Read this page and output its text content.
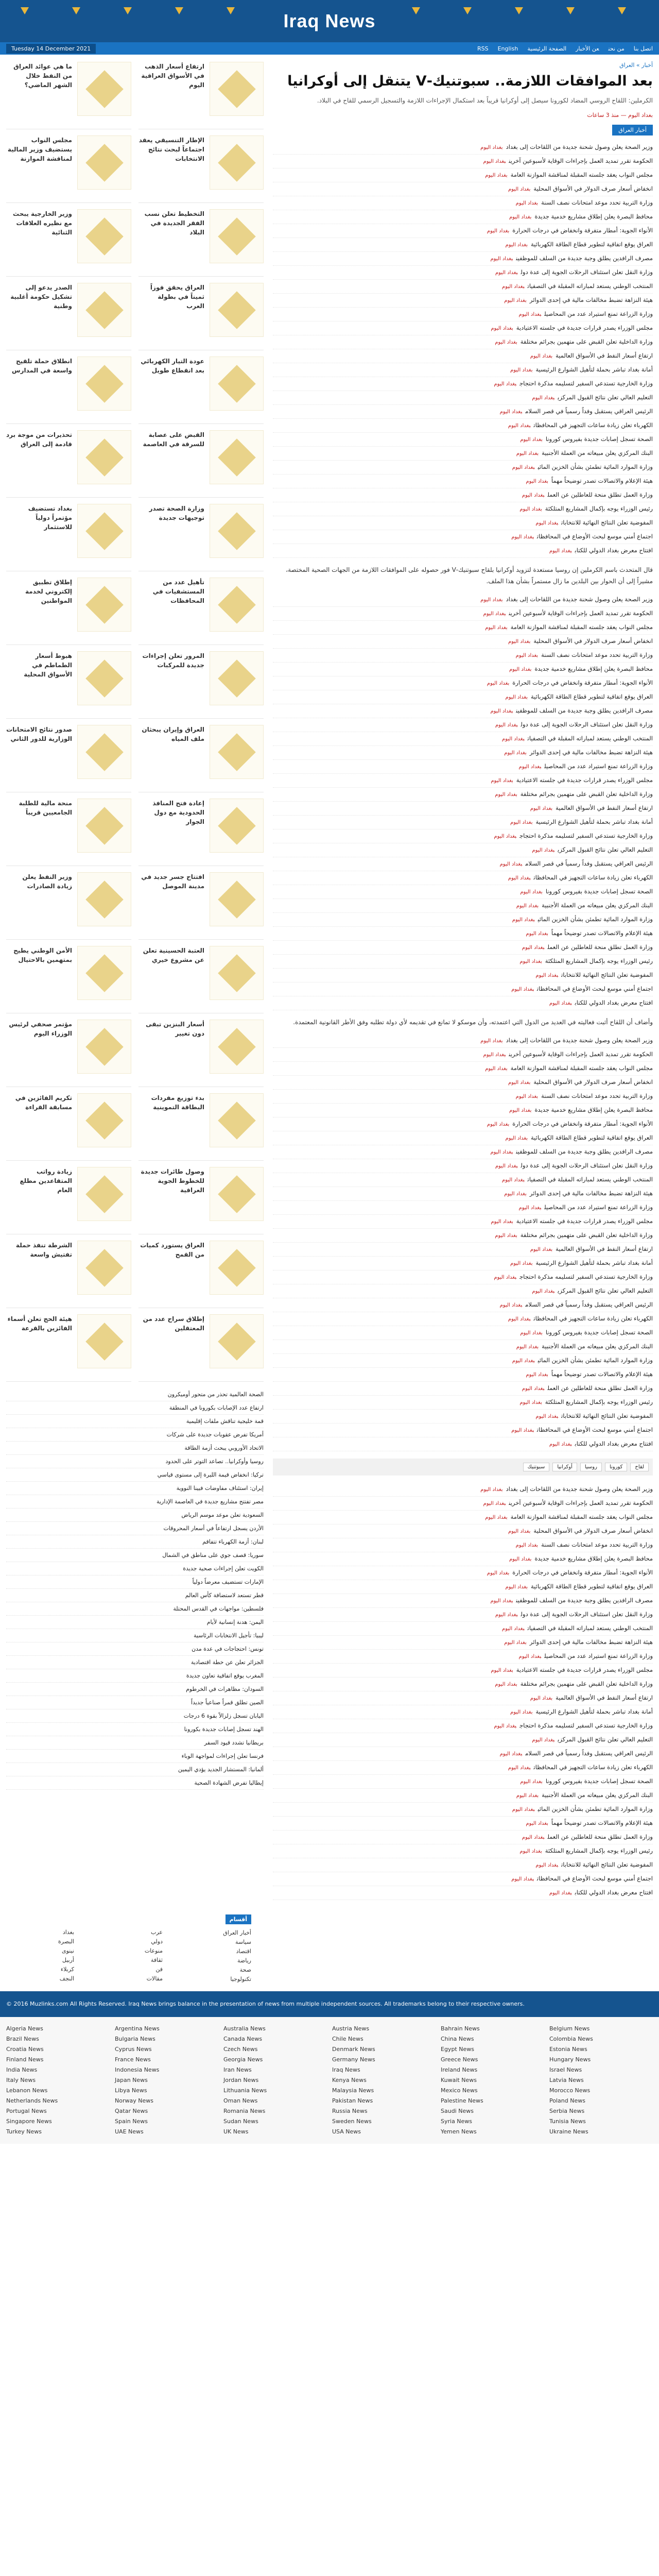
Iraq News
Tuesday 14 December 2021	RSS English	اتصل بنامن نحنعن الأخبارالصفحة الرئيسية
ما هي عوائد العراق من النفط خلال الشهر الماضي؟
ارتفاع أسعار الذهب في الأسواق العراقية اليوم
مجلس النواب يستضيف وزير المالية لمناقشة الموازنة
الإطار التنسيقي يعقد اجتماعاً لبحث نتائج الانتخابات
وزير الخارجية يبحث مع نظيره العلاقات الثنائية
التخطيط تعلن نسب الفقر الجديدة في البلاد
الصدر يدعو إلى تشكيل حكومة أغلبية وطنية
العراق يحقق فوزاً ثميناً في بطولة العرب
انطلاق حملة تلقيح واسعة في المدارس
عودة التيار الكهربائي بعد انقطاع طويل
تحذيرات من موجة برد قادمة إلى العراق
القبض على عصابة للسرقة في العاصمة
بغداد تستضيف مؤتمراً دولياً للاستثمار
وزارة الصحة تصدر توجيهات جديدة
إطلاق تطبيق إلكتروني لخدمة المواطنين
تأهيل عدد من المستشفيات في المحافظات
هبوط أسعار الطماطم في الأسواق المحلية
المرور تعلن إجراءات جديدة للمركبات
صدور نتائج الامتحانات الوزارية للدور الثاني
العراق وإيران يبحثان ملف المياه
منحة مالية للطلبة الجامعيين قريباً
إعادة فتح المنافذ الحدودية مع دول الجوار
وزير النفط يعلن زيادة الصادرات
افتتاح جسر جديد في مدينة الموصل
الأمن الوطني يطيح بمتهمين بالاحتيال
العتبة الحسينية تعلن عن مشروع خيري
مؤتمر صحفي لرئيس الوزراء اليوم
أسعار البنزين تبقى دون تغيير
تكريم الفائزين في مسابقة القراءة
بدء توزيع مفردات البطاقة التموينية
زيادة رواتب المتقاعدين مطلع العام
وصول طائرات جديدة للخطوط الجوية العراقية
الشرطة تنفذ حملة تفتيش واسعة
العراق يستورد كميات من القمح
هيئة الحج تعلن أسماء الفائزين بالقرعة
إطلاق سراح عدد من المعتقلين
الصحة العالمية تحذر من متحور أوميكرون
ارتفاع عدد الإصابات بكورونا في المنطقة
قمة خليجية تناقش ملفات إقليمية
أمريكا تفرض عقوبات جديدة على شركات
الاتحاد الأوروبي يبحث أزمة الطاقة
روسيا وأوكرانيا.. تصاعد التوتر على الحدود
تركيا: انخفاض قيمة الليرة إلى مستوى قياسي
إيران: استئناف مفاوضات فيينا النووية
مصر تفتتح مشاريع جديدة في العاصمة الإدارية
السعودية تعلن موعد موسم الرياض
الأردن يسجل ارتفاعاً في أسعار المحروقات
لبنان: أزمة الكهرباء تتفاقم
سوريا: قصف جوي على مناطق في الشمال
الكويت تعلن إجراءات صحية جديدة
الإمارات تستضيف معرضاً دولياً
قطر تستعد لاستضافة كأس العالم
فلسطين: مواجهات في القدس المحتلة
اليمن: هدنة إنسانية لأيام
ليبيا: تأجيل الانتخابات الرئاسية
تونس: احتجاجات في عدة مدن
الجزائر تعلن عن خطة اقتصادية
المغرب يوقع اتفاقية تعاون جديدة
السودان: مظاهرات في الخرطوم
الصين تطلق قمراً صناعياً جديداً
اليابان تسجل زلزالاً بقوة 6 درجات
الهند تسجل إصابات جديدة بكورونا
بريطانيا تشدد قيود السفر
فرنسا تعلن إجراءات لمواجهة الوباء
ألمانيا: المستشار الجديد يؤدي اليمين
إيطاليا تفرض الشهادة الصحية
أخبار » العراق
بعد الموافقات اللازمة.. سبوتنيك-V يتنقل إلى أوكرانيا

الكرملين: اللقاح الروسي المضاد لكورونا سيصل إلى أوكرانيا قريباً بعد استكمال الإجراءات اللازمة والتسجيل الرسمي للقاح في البلاد.

بغداد اليوم — منذ 3 ساعات
أخبار العراق
وزير الصحة يعلن وصول شحنة جديدة من اللقاحات إلى بغدادبغداد اليوم
الحكومة تقرر تمديد العمل بإجراءات الوقاية لأسبوعين آخرينبغداد اليوم
مجلس النواب يعقد جلسته المقبلة لمناقشة الموازنة العامةبغداد اليوم
انخفاض أسعار صرف الدولار في الأسواق المحليةبغداد اليوم
وزارة التربية تحدد موعد امتحانات نصف السنةبغداد اليوم
محافظ البصرة يعلن إطلاق مشاريع خدمية جديدةبغداد اليوم
الأنواء الجوية: أمطار متفرقة وانخفاض في درجات الحرارةبغداد اليوم
العراق يوقع اتفاقية لتطوير قطاع الطاقة الكهربائيةبغداد اليوم
مصرف الرافدين يطلق وجبة جديدة من السلف للموظفينبغداد اليوم
وزارة النقل تعلن استئناف الرحلات الجوية إلى عدة دولبغداد اليوم
المنتخب الوطني يستعد لمباراته المقبلة في التصفياتبغداد اليوم
هيئة النزاهة تضبط مخالفات مالية في إحدى الدوائربغداد اليوم
وزارة الزراعة تمنع استيراد عدد من المحاصيلبغداد اليوم
مجلس الوزراء يصدر قرارات جديدة في جلسته الاعتياديةبغداد اليوم
وزارة الداخلية تعلن القبض على متهمين بجرائم مختلفةبغداد اليوم
ارتفاع أسعار النفط في الأسواق العالميةبغداد اليوم
أمانة بغداد تباشر بحملة لتأهيل الشوارع الرئيسيةبغداد اليوم
وزارة الخارجية تستدعي السفير لتسليمه مذكرة احتجاجبغداد اليوم
التعليم العالي تعلن نتائج القبول المركزيبغداد اليوم
الرئيس العراقي يستقبل وفداً رسمياً في قصر السلامبغداد اليوم
الكهرباء تعلن زيادة ساعات التجهيز في المحافظاتبغداد اليوم
الصحة تسجل إصابات جديدة بفيروس كورونابغداد اليوم
البنك المركزي يعلن مبيعاته من العملة الأجنبيةبغداد اليوم
وزارة الموارد المائية تطمئن بشأن الخزين المائيبغداد اليوم
هيئة الإعلام والاتصالات تصدر توضيحاً مهماًبغداد اليوم
وزارة العمل تطلق منحة للعاطلين عن العملبغداد اليوم
رئيس الوزراء يوجه بإكمال المشاريع المتلكئةبغداد اليوم
المفوضية تعلن النتائج النهائية للانتخاباتبغداد اليوم
اجتماع أمني موسع لبحث الأوضاع في المحافظاتبغداد اليوم
افتتاح معرض بغداد الدولي للكتاببغداد اليوم

قال المتحدث باسم الكرملين إن روسيا مستعدة لتزويد أوكرانيا بلقاح سبوتنيك-V فور حصوله على الموافقات اللازمة من الجهات الصحية المختصة، مشيراً إلى أن الحوار بين البلدين ما زال مستمراً بشأن هذا الملف.

وزير الصحة يعلن وصول شحنة جديدة من اللقاحات إلى بغدادبغداد اليوم
الحكومة تقرر تمديد العمل بإجراءات الوقاية لأسبوعين آخرينبغداد اليوم
مجلس النواب يعقد جلسته المقبلة لمناقشة الموازنة العامةبغداد اليوم
انخفاض أسعار صرف الدولار في الأسواق المحليةبغداد اليوم
وزارة التربية تحدد موعد امتحانات نصف السنةبغداد اليوم
محافظ البصرة يعلن إطلاق مشاريع خدمية جديدةبغداد اليوم
الأنواء الجوية: أمطار متفرقة وانخفاض في درجات الحرارةبغداد اليوم
العراق يوقع اتفاقية لتطوير قطاع الطاقة الكهربائيةبغداد اليوم
مصرف الرافدين يطلق وجبة جديدة من السلف للموظفينبغداد اليوم
وزارة النقل تعلن استئناف الرحلات الجوية إلى عدة دولبغداد اليوم
المنتخب الوطني يستعد لمباراته المقبلة في التصفياتبغداد اليوم
هيئة النزاهة تضبط مخالفات مالية في إحدى الدوائربغداد اليوم
وزارة الزراعة تمنع استيراد عدد من المحاصيلبغداد اليوم
مجلس الوزراء يصدر قرارات جديدة في جلسته الاعتياديةبغداد اليوم
وزارة الداخلية تعلن القبض على متهمين بجرائم مختلفةبغداد اليوم
ارتفاع أسعار النفط في الأسواق العالميةبغداد اليوم
أمانة بغداد تباشر بحملة لتأهيل الشوارع الرئيسيةبغداد اليوم
وزارة الخارجية تستدعي السفير لتسليمه مذكرة احتجاجبغداد اليوم
التعليم العالي تعلن نتائج القبول المركزيبغداد اليوم
الرئيس العراقي يستقبل وفداً رسمياً في قصر السلامبغداد اليوم
الكهرباء تعلن زيادة ساعات التجهيز في المحافظاتبغداد اليوم
الصحة تسجل إصابات جديدة بفيروس كورونابغداد اليوم
البنك المركزي يعلن مبيعاته من العملة الأجنبيةبغداد اليوم
وزارة الموارد المائية تطمئن بشأن الخزين المائيبغداد اليوم
هيئة الإعلام والاتصالات تصدر توضيحاً مهماًبغداد اليوم
وزارة العمل تطلق منحة للعاطلين عن العملبغداد اليوم
رئيس الوزراء يوجه بإكمال المشاريع المتلكئةبغداد اليوم
المفوضية تعلن النتائج النهائية للانتخاباتبغداد اليوم
اجتماع أمني موسع لبحث الأوضاع في المحافظاتبغداد اليوم
افتتاح معرض بغداد الدولي للكتاببغداد اليوم

وأضاف أن اللقاح أثبت فعاليته في العديد من الدول التي اعتمدته، وأن موسكو لا تمانع في تقديمه لأي دولة تطلبه وفق الأطر القانونية المعتمدة.

وزير الصحة يعلن وصول شحنة جديدة من اللقاحات إلى بغدادبغداد اليوم
الحكومة تقرر تمديد العمل بإجراءات الوقاية لأسبوعين آخرينبغداد اليوم
مجلس النواب يعقد جلسته المقبلة لمناقشة الموازنة العامةبغداد اليوم
انخفاض أسعار صرف الدولار في الأسواق المحليةبغداد اليوم
وزارة التربية تحدد موعد امتحانات نصف السنةبغداد اليوم
محافظ البصرة يعلن إطلاق مشاريع خدمية جديدةبغداد اليوم
الأنواء الجوية: أمطار متفرقة وانخفاض في درجات الحرارةبغداد اليوم
العراق يوقع اتفاقية لتطوير قطاع الطاقة الكهربائيةبغداد اليوم
مصرف الرافدين يطلق وجبة جديدة من السلف للموظفينبغداد اليوم
وزارة النقل تعلن استئناف الرحلات الجوية إلى عدة دولبغداد اليوم
المنتخب الوطني يستعد لمباراته المقبلة في التصفياتبغداد اليوم
هيئة النزاهة تضبط مخالفات مالية في إحدى الدوائربغداد اليوم
وزارة الزراعة تمنع استيراد عدد من المحاصيلبغداد اليوم
مجلس الوزراء يصدر قرارات جديدة في جلسته الاعتياديةبغداد اليوم
وزارة الداخلية تعلن القبض على متهمين بجرائم مختلفةبغداد اليوم
ارتفاع أسعار النفط في الأسواق العالميةبغداد اليوم
أمانة بغداد تباشر بحملة لتأهيل الشوارع الرئيسيةبغداد اليوم
وزارة الخارجية تستدعي السفير لتسليمه مذكرة احتجاجبغداد اليوم
التعليم العالي تعلن نتائج القبول المركزيبغداد اليوم
الرئيس العراقي يستقبل وفداً رسمياً في قصر السلامبغداد اليوم
الكهرباء تعلن زيادة ساعات التجهيز في المحافظاتبغداد اليوم
الصحة تسجل إصابات جديدة بفيروس كورونابغداد اليوم
البنك المركزي يعلن مبيعاته من العملة الأجنبيةبغداد اليوم
وزارة الموارد المائية تطمئن بشأن الخزين المائيبغداد اليوم
هيئة الإعلام والاتصالات تصدر توضيحاً مهماًبغداد اليوم
وزارة العمل تطلق منحة للعاطلين عن العملبغداد اليوم
رئيس الوزراء يوجه بإكمال المشاريع المتلكئةبغداد اليوم
المفوضية تعلن النتائج النهائية للانتخاباتبغداد اليوم
اجتماع أمني موسع لبحث الأوضاع في المحافظاتبغداد اليوم
افتتاح معرض بغداد الدولي للكتاببغداد اليوم
لقاح
كورونا
روسيا
أوكرانيا
سبوتنيك
وزير الصحة يعلن وصول شحنة جديدة من اللقاحات إلى بغدادبغداد اليوم
الحكومة تقرر تمديد العمل بإجراءات الوقاية لأسبوعين آخرينبغداد اليوم
مجلس النواب يعقد جلسته المقبلة لمناقشة الموازنة العامةبغداد اليوم
انخفاض أسعار صرف الدولار في الأسواق المحليةبغداد اليوم
وزارة التربية تحدد موعد امتحانات نصف السنةبغداد اليوم
محافظ البصرة يعلن إطلاق مشاريع خدمية جديدةبغداد اليوم
الأنواء الجوية: أمطار متفرقة وانخفاض في درجات الحرارةبغداد اليوم
العراق يوقع اتفاقية لتطوير قطاع الطاقة الكهربائيةبغداد اليوم
مصرف الرافدين يطلق وجبة جديدة من السلف للموظفينبغداد اليوم
وزارة النقل تعلن استئناف الرحلات الجوية إلى عدة دولبغداد اليوم
المنتخب الوطني يستعد لمباراته المقبلة في التصفياتبغداد اليوم
هيئة النزاهة تضبط مخالفات مالية في إحدى الدوائربغداد اليوم
وزارة الزراعة تمنع استيراد عدد من المحاصيلبغداد اليوم
مجلس الوزراء يصدر قرارات جديدة في جلسته الاعتياديةبغداد اليوم
وزارة الداخلية تعلن القبض على متهمين بجرائم مختلفةبغداد اليوم
ارتفاع أسعار النفط في الأسواق العالميةبغداد اليوم
أمانة بغداد تباشر بحملة لتأهيل الشوارع الرئيسيةبغداد اليوم
وزارة الخارجية تستدعي السفير لتسليمه مذكرة احتجاجبغداد اليوم
التعليم العالي تعلن نتائج القبول المركزيبغداد اليوم
الرئيس العراقي يستقبل وفداً رسمياً في قصر السلامبغداد اليوم
الكهرباء تعلن زيادة ساعات التجهيز في المحافظاتبغداد اليوم
الصحة تسجل إصابات جديدة بفيروس كورونابغداد اليوم
البنك المركزي يعلن مبيعاته من العملة الأجنبيةبغداد اليوم
وزارة الموارد المائية تطمئن بشأن الخزين المائيبغداد اليوم
هيئة الإعلام والاتصالات تصدر توضيحاً مهماًبغداد اليوم
وزارة العمل تطلق منحة للعاطلين عن العملبغداد اليوم
رئيس الوزراء يوجه بإكمال المشاريع المتلكئةبغداد اليوم
المفوضية تعلن النتائج النهائية للانتخاباتبغداد اليوم
اجتماع أمني موسع لبحث الأوضاع في المحافظاتبغداد اليوم
افتتاح معرض بغداد الدولي للكتاببغداد اليوم
أقسام
أخبار العراق
سياسة
اقتصاد
رياضة
صحة
تكنولوجيا
عرب
دولي
منوعات
ثقافة
فن
مقالات
بغداد
البصرة
نينوى
أربيل
كربلاء
النجف

© 2016 Muzlinks.com All Rights Reserved. Iraq News brings balance in the presentation of news from multiple independent sources. All trademarks belong to their respective owners.

Algeria News	Argentina News	Australia News	Austria News	Bahrain News	Belgium News
Brazil News	Bulgaria News	Canada News	Chile News	China News	Colombia News
Croatia News	Cyprus News	Czech News	Denmark News	Egypt News	Estonia News
Finland News	France News	Georgia News	Germany News	Greece News	Hungary News
India News	Indonesia News	Iran News	Iraq News	Ireland News	Israel News
Italy News	Japan News	Jordan News	Kenya News	Kuwait News	Latvia News
Lebanon News	Libya News	Lithuania News	Malaysia News	Mexico News	Morocco News
Netherlands News	Norway News	Oman News	Pakistan News	Palestine News	Poland News
Portugal News	Qatar News	Romania News	Russia News	Saudi News	Serbia News
Singapore News	Spain News	Sudan News	Sweden News	Syria News	Tunisia News
Turkey News	UAE News	UK News	USA News	Yemen News	Ukraine News
